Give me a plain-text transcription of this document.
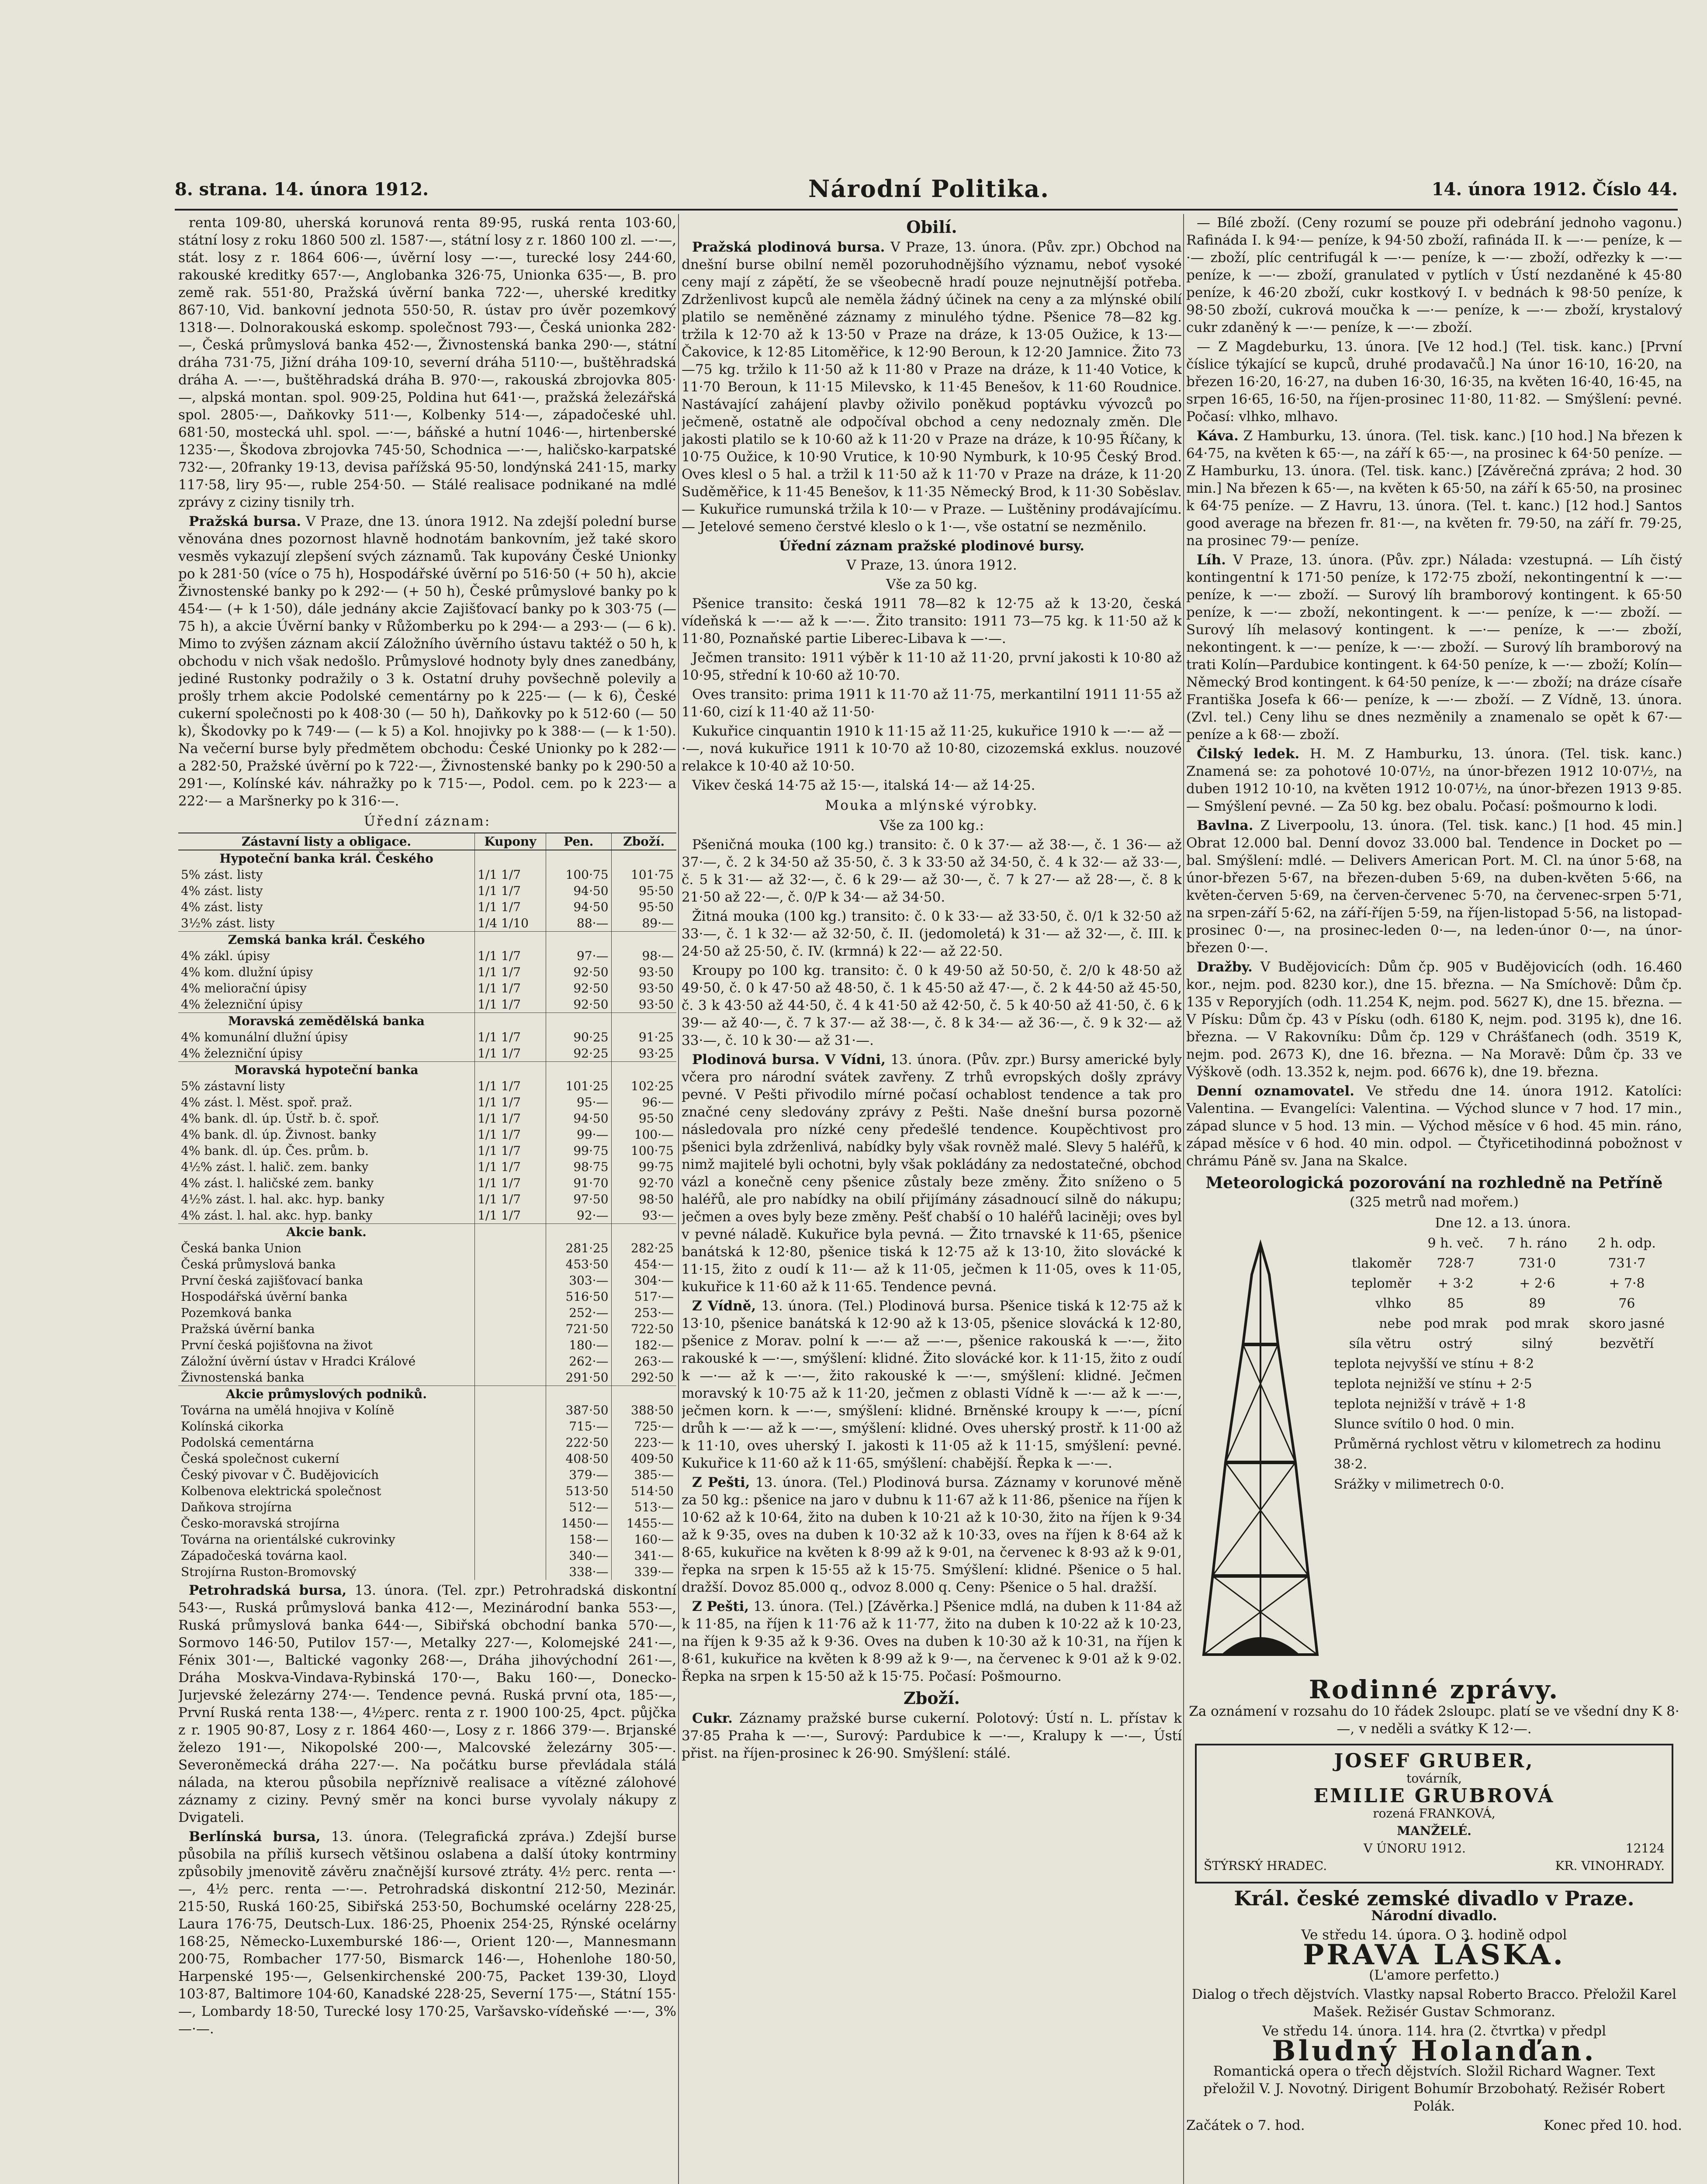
8. strana. 14. února 1912.	Národní Politika.	14. února 1912. Číslo 44.

renta 109·80, uherská korunová renta 89·95, ruská renta 103·60, státní losy z roku 1860 500 zl. 1587·—, státní losy z r. 1860 100 zl. —·—, stát. losy z r. 1864 606·—, úvěrní losy —·—, turecké losy 244·60, rakouské kreditky 657·—, Anglobanka 326·75, Unionka 635·—, B. pro země rak. 551·80, Pražská úvěrní banka 722·—, uherské kreditky 867·10, Vid. bankovní jednota 550·50, R. ústav pro úvěr pozemkový 1318·—. Dolnorakouská eskomp. společnost 793·—, Česká unionka 282·—, Česká průmyslová banka 452·—, Živnostenská banka 290·—, státní dráha 731·75, Jižní dráha 109·10, severní dráha 5110·—, buštěhradská dráha A. —·—, buštěhradská dráha B. 970·—, rakouská zbrojovka 805·—, alpská montan. spol. 909·25, Poldina hut 641·—, pražská železářská spol. 2805·—, Daňkovky 511·—, Kolbenky 514·—, západočeské uhl. 681·50, mostecká uhl. spol. —·—, báňské a hutní 1046·—, hirtenberské 1235·—, Škodova zbrojovka 745·50, Schodnica —·—, haličsko-karpatské 732·—, 20franky 19·13, devisa pařížská 95·50, londýnská 241·15, marky 117·58, liry 95·—, ruble 254·50. — Stálé realisace podnikané na mdlé zprávy z ciziny tisnily trh.

Pražská bursa. V Praze, dne 13. února 1912. Na zdejší polední burse věnována dnes pozornost hlavně hodnotám bankovním, jež také skoro vesměs vykazují zlepšení svých záznamů. Tak kupovány České Unionky po k 281·50 (více o 75 h), Hospodářské úvěrní po 516·50 (+ 50 h), akcie Živnostenské banky po k 292·— (+ 50 h), České průmyslové banky po k 454·— (+ k 1·50), dále jednány akcie Zajišťovací banky po k 303·75 (— 75 h), a akcie Úvěrní banky v Růžomberku po k 294·— a 293·— (— 6 k). Mimo to zvýšen záznam akcií Záložního úvěrního ústavu taktéž o 50 h, k obchodu v nich však nedošlo. Průmyslové hodnoty byly dnes zanedbány, jediné Rustonky podražily o 3 k. Ostatní druhy povšechně polevily a prošly trhem akcie Podolské cementárny po k 225·— (— k 6), České cukerní společnosti po k 408·30 (— 50 h), Daňkovky po k 512·60 (— 50 k), Škodovky po k 749·— (— k 5) a Kol. hnojivky po k 388·— (— k 1·50). Na večerní burse byly předmětem obchodu: České Unionky po k 282·— a 282·50, Pražské úvěrní po k 722·—, Živnostenské banky po k 290·50 a 291·—, Kolínské káv. náhražky po k 715·—, Podol. cem. po k 223·— a 222·— a Maršnerky po k 316·—.

Úřední záznam:

Zástavní listy a obligace.	Kupony	Pen.	Zboží.
Hypoteční banka král. Českého			
5% zást. listy	1/1 1/7	100·75	101·75
4% zást. listy	1/1 1/7	94·50	95·50
4% zást. listy	1/1 1/7	94·50	95·50
3½% zást. listy	1/4 1/10	88·—	89·—
Zemská banka král. Českého			
4% zákl. úpisy	1/1 1/7	97·—	98·—
4% kom. dlužní úpisy	1/1 1/7	92·50	93·50
4% meliorační úpisy	1/1 1/7	92·50	93·50
4% železniční úpisy	1/1 1/7	92·50	93·50
Moravská zemědělská banka			
4% komunální dlužní úpisy	1/1 1/7	90·25	91·25
4% železniční úpisy	1/1 1/7	92·25	93·25
Moravská hypoteční banka			
5% zástavní listy	1/1 1/7	101·25	102·25
4% zást. l. Měst. spoř. praž.	1/1 1/7	95·—	96·—
4% bank. dl. úp. Ústř. b. č. spoř.	1/1 1/7	94·50	95·50
4% bank. dl. úp. Živnost. banky	1/1 1/7	99·—	100·—
4% bank. dl. úp. Čes. prům. b.	1/1 1/7	99·75	100·75
4½% zást. l. halič. zem. banky	1/1 1/7	98·75	99·75
4% zást. l. haličské zem. banky	1/1 1/7	91·70	92·70
4½% zást. l. hal. akc. hyp. banky	1/1 1/7	97·50	98·50
4% zást. l. hal. akc. hyp. banky	1/1 1/7	92·—	93·—
Akcie bank.			
Česká banka Union		281·25	282·25
Česká průmyslová banka		453·50	454·—
První česká zajišťovací banka		303·—	304·—
Hospodářská úvěrní banka		516·50	517·—
Pozemková banka		252·—	253·—
Pražská úvěrní banka		721·50	722·50
První česká pojišťovna na život		180·—	182·—
Záložní úvěrní ústav v Hradci Králové		262·—	263·—
Živnostenská banka		291·50	292·50
Akcie průmyslových podniků.			
Továrna na umělá hnojiva v Kolíně		387·50	388·50
Kolínská cikorka		715·—	725·—
Podolská cementárna		222·50	223·—
Česká společnost cukerní		408·50	409·50
Český pivovar v Č. Budějovicích		379·—	385·—
Kolbenova elektrická společnost		513·50	514·50
Daňkova strojírna		512·—	513·—
Česko-moravská strojírna		1450·—	1455·—
Továrna na orientálské cukrovinky		158·—	160·—
Západočeská továrna kaol.		340·—	341·—
Strojírna Ruston-Bromovský		338·—	339·—

Petrohradská bursa, 13. února. (Tel. zpr.) Petrohradská diskontní 543·—, Ruská průmyslová banka 412·—, Mezinárodní banka 553·—, Ruská průmyslová banka 644·—, Sibiřská obchodní banka 570·—, Sormovo 146·50, Putilov 157·—, Metalky 227·—, Kolomejské 241·—, Fénix 301·—, Baltické vagonky 268·—, Dráha jihovýchodní 261·—, Dráha Moskva-Vindava-Rybinská 170·—, Baku 160·—, Donecko-Jurjevské železárny 274·—. Tendence pevná. Ruská první ota, 185·—, První Ruská renta 138·—, 4½perc. renta z r. 1900 100·25, 4pct. půjčka z r. 1905 90·87, Losy z r. 1864 460·—, Losy z r. 1866 379·—. Brjanské železo 191·—, Nikopolské 200·—, Malcovské železárny 305·—. Severoněmecká dráha 227·—. Na počátku burse převládala stálá nálada, na kterou působila nepříznivě realisace a vítězné zálohové záznamy z ciziny. Pevný směr na konci burse vyvolaly nákupy z Dvigateli.

Berlínská bursa, 13. února. (Telegrafická zpráva.) Zdejší burse působila na příliš kursech většinou oslabena a další útoky kontrminy způsobily jmenovitě závěru značnější kursové ztráty. 4½ perc. renta —·—, 4½ perc. renta —·—. Petrohradská diskontní 212·50, Mezinár. 215·50, Ruská 160·25, Sibiřská 253·50, Bochumské ocelárny 228·25, Laura 176·75, Deutsch-Lux. 186·25, Phoenix 254·25, Rýnské ocelárny 168·25, Německo-Luxemburské 186·—, Orient 120·—, Mannesmann 200·75, Rombacher 177·50, Bismarck 146·—, Hohenlohe 180·50, Harpenské 195·—, Gelsenkirchenské 200·75, Packet 139·30, Lloyd 103·87, Baltimore 104·60, Kanadské 228·25, Severní 175·—, Státní 155·—, Lombardy 18·50, Turecké losy 170·25, Varšavsko-vídeňské —·—, 3% —·—.

Obilí.

Pražská plodinová bursa. V Praze, 13. února. (Pův. zpr.) Obchod na dnešní burse obilní neměl pozoruhodnějšího významu, neboť vysoké ceny mají z zápětí, že se všeobecně hradí pouze nejnutnější potřeba. Zdrženlivost kupců ale neměla žádný účinek na ceny a za mlýnské obilí platilo se neměněné záznamy z minulého týdne. Pšenice 78—82 kg. tržila k 12·70 až k 13·50 v Praze na dráze, k 13·05 Oužice, k 13·— Čakovice, k 12·85 Litoměřice, k 12·90 Beroun, k 12·20 Jamnice. Žito 73—75 kg. tržilo k 11·50 až k 11·80 v Praze na dráze, k 11·40 Votice, k 11·70 Beroun, k 11·15 Milevsko, k 11·45 Benešov, k 11·60 Roudnice. Nastávající zahájení plavby oživilo poněkud poptávku vývozců po ječmeně, ostatně ale odpočíval obchod a ceny nedoznaly změn. Dle jakosti platilo se k 10·60 až k 11·20 v Praze na dráze, k 10·95 Říčany, k 10·75 Oužice, k 10·90 Vrutice, k 10·90 Nymburk, k 10·95 Český Brod. Oves klesl o 5 hal. a tržil k 11·50 až k 11·70 v Praze na dráze, k 11·20 Suděměřice, k 11·45 Benešov, k 11·35 Německý Brod, k 11·30 Soběslav. — Kukuřice rumunská tržila k 10·— v Praze. — Luštěniny prodávajícímu. — Jetelové semeno čerstvé kleslo o k 1·—, vše ostatní se nezměnilo.

Úřední záznam pražské plodinové bursy.

V Praze, 13. února 1912.

Vše za 50 kg.

Pšenice transito: česká 1911 78—82 k 12·75 až k 13·20, česká vídeňská k —·— až k —·—. Žito transito: 1911 73—75 kg. k 11·50 až k 11·80, Poznaňské partie Liberec-Libava k —·—.

Ječmen transito: 1911 výběr k 11·10 až 11·20, první jakosti k 10·80 až 10·95, střední k 10·60 až 10·70.

Oves transito: prima 1911 k 11·70 až 11·75, merkantilní 1911 11·55 až 11·60, cizí k 11·40 až 11·50·

Kukuřice cinquantin 1910 k 11·15 až 11·25, kukuřice 1910 k —·— až —·—, nová kukuřice 1911 k 10·70 až 10·80, cizozemská exklus. nouzové relakce k 10·40 až 10·50.

Vikev česká 14·75 až 15·—, italská 14·— až 14·25.

Mouka a mlýnské výrobky.

Vše za 100 kg.:

Pšeničná mouka (100 kg.) transito: č. 0 k 37·— až 38·—, č. 1 36·— až 37·—, č. 2 k 34·50 až 35·50, č. 3 k 33·50 až 34·50, č. 4 k 32·— až 33·—, č. 5 k 31·— až 32·—, č. 6 k 29·— až 30·—, č. 7 k 27·— až 28·—, č. 8 k 21·50 až 22·—, č. 0/P k 34·— až 34·50.

Žitná mouka (100 kg.) transito: č. 0 k 33·— až 33·50, č. 0/1 k 32·50 až 33·—, č. 1 k 32·— až 32·50, č. II. (jedomoletá) k 31·— až 32·—, č. III. k 24·50 až 25·50, č. IV. (krmná) k 22·— až 22·50.

Kroupy po 100 kg. transito: č. 0 k 49·50 až 50·50, č. 2/0 k 48·50 až 49·50, č. 0 k 47·50 až 48·50, č. 1 k 45·50 až 47·—, č. 2 k 44·50 až 45·50, č. 3 k 43·50 až 44·50, č. 4 k 41·50 až 42·50, č. 5 k 40·50 až 41·50, č. 6 k 39·— až 40·—, č. 7 k 37·— až 38·—, č. 8 k 34·— až 36·—, č. 9 k 32·— až 33·—, č. 10 k 30·— až 31·—.

Plodinová bursa. V Vídni, 13. února. (Pův. zpr.) Bursy americké byly včera pro národní svátek zavřeny. Z trhů evropských došly zprávy pevné. V Pešti přivodilo mírné počasí ochablost tendence a tak pro značné ceny sledovány zprávy z Pešti. Naše dnešní bursa pozorně následovala pro nízké ceny předešlé tendence. Koupěchtivost pro pšenici byla zdrženlivá, nabídky byly však rovněž malé. Slevy 5 haléřů, k nimž majitelé byli ochotni, byly však pokládány za nedostatečné, obchod vázl a konečně ceny pšenice zůstaly beze změny. Žito sníženo o 5 haléřů, ale pro nabídky na obilí přijímány zásadnoucí silně do nákupu; ječmen a oves byly beze změny. Pešť chabší o 10 haléřů laciněji; oves byl v pevné náladě. Kukuřice byla pevná. — Žito trnavské k 11·65, pšenice banátská k 12·80, pšenice tiská k 12·75 až k 13·10, žito slovácké k 11·15, žito z oudí k 11·— až k 11·05, ječmen k 11·05, oves k 11·05, kukuřice k 11·60 až k 11·65. Tendence pevná.

Z Vídně, 13. února. (Tel.) Plodinová bursa. Pšenice tiská k 12·75 až k 13·10, pšenice banátská k 12·90 až k 13·05, pšenice slovácká k 12·80, pšenice z Morav. polní k —·— až —·—, pšenice rakouská k —·—, žito rakouské k —·—, smýšlení: klidné. Žito slovácké kor. k 11·15, žito z oudí k —·— až k —·—, žito rakouské k —·—, smýšlení: klidné. Ječmen moravský k 10·75 až k 11·20, ječmen z oblasti Vídně k —·— až k —·—, ječmen korn. k —·—, smýšlení: klidné. Brněnské kroupy k —·—, pícní drůh k —·— až k —·—, smýšlení: klidné. Oves uherský prostř. k 11·00 až k 11·10, oves uherský I. jakosti k 11·05 až k 11·15, smýšlení: pevné. Kukuřice k 11·60 až k 11·65, smýšlení: chabější. Řepka k —·—.

Z Pešti, 13. února. (Tel.) Plodinová bursa. Záznamy v korunové měně za 50 kg.: pšenice na jaro v dubnu k 11·67 až k 11·86, pšenice na říjen k 10·62 až k 10·64, žito na duben k 10·21 až k 10·30, žito na říjen k 9·34 až k 9·35, oves na duben k 10·32 až k 10·33, oves na říjen k 8·64 až k 8·65, kukuřice na květen k 8·99 až k 9·01, na červenec k 8·93 až k 9·01, řepka na srpen k 15·55 až k 15·75. Smýšlení: klidné. Pšenice o 5 hal. dražší. Dovoz 85.000 q., odvoz 8.000 q. Ceny: Pšenice o 5 hal. dražší.

Z Pešti, 13. února. (Tel.) [Závěrka.] Pšenice mdlá, na duben k 11·84 až k 11·85, na říjen k 11·76 až k 11·77, žito na duben k 10·22 až k 10·23, na říjen k 9·35 až k 9·36. Oves na duben k 10·30 až k 10·31, na říjen k 8·61, kukuřice na květen k 8·99 až k 9·—, na červenec k 9·01 až k 9·02. Řepka na srpen k 15·50 až k 15·75. Počasí: Pošmourno.

Zboží.

Cukr. Záznamy pražské burse cukerní. Polotový: Ústí n. L. přístav k 37·85 Praha k —·—, Surový: Pardubice k —·—, Kralupy k —·—, Ústí přist. na říjen-prosinec k 26·90. Smýšlení: stálé.

— Bílé zboží. (Ceny rozumí se pouze při odebrání jednoho vagonu.) Rafináda I. k 94·— peníze, k 94·50 zboží, rafináda II. k —·— peníze, k —·— zboží, plíc centrifugál k —·— peníze, k —·— zboží, odřezky k —·— peníze, k —·— zboží, granulated v pytlích v Ústí nezdaněné k 45·80 peníze, k 46·20 zboží, cukr kostkový I. v bednách k 98·50 peníze, k 98·50 zboží, cukrová moučka k —·— peníze, k —·— zboží, krystalový cukr zdaněný k —·— peníze, k —·— zboží.

— Z Magdeburku, 13. února. [Ve 12 hod.] (Tel. tisk. kanc.) [První číslice týkající se kupců, druhé prodavačů.] Na únor 16·10, 16·20, na březen 16·20, 16·27, na duben 16·30, 16·35, na květen 16·40, 16·45, na srpen 16·65, 16·50, na říjen-prosinec 11·80, 11·82. — Smýšlení: pevné. Počasí: vlhko, mlhavo.

Káva. Z Hamburku, 13. února. (Tel. tisk. kanc.) [10 hod.] Na březen k 64·75, na květen k 65·—, na září k 65·—, na prosinec k 64·50 peníze. — Z Hamburku, 13. února. (Tel. tisk. kanc.) [Závěrečná zpráva; 2 hod. 30 min.] Na březen k 65·—, na květen k 65·50, na září k 65·50, na prosinec k 64·75 peníze. — Z Havru, 13. února. (Tel. t. kanc.) [12 hod.] Santos good average na březen fr. 81·—, na květen fr. 79·50, na září fr. 79·25, na prosinec 79·— peníze.

Líh. V Praze, 13. února. (Pův. zpr.) Nálada: vzestupná. — Líh čistý kontingentní k 171·50 peníze, k 172·75 zboží, nekontingentní k —·— peníze, k —·— zboží. — Surový líh bramborový kontingent. k 65·50 peníze, k —·— zboží, nekontingent. k —·— peníze, k —·— zboží. — Surový líh melasový kontingent. k —·— peníze, k —·— zboží, nekontingent. k —·— peníze, k —·— zboží. — Surový líh bramborový na trati Kolín—Pardubice kontingent. k 64·50 peníze, k —·— zboží; Kolín—Německý Brod kontingent. k 64·50 peníze, k —·— zboží; na dráze císaře Františka Josefa k 66·— peníze, k —·— zboží. — Z Vídně, 13. února. (Zvl. tel.) Ceny lihu se dnes nezměnily a znamenalo se opět k 67·— peníze a k 68·— zboží.

Čilský ledek. H. M. Z Hamburku, 13. února. (Tel. tisk. kanc.) Znamená se: za pohotové 10·07½, na únor-březen 1912 10·07½, na duben 1912 10·10, na květen 1912 10·07½, na únor-březen 1913 9·85. — Smýšlení pevné. — Za 50 kg. bez obalu. Počasí: pošmourno k lodi.

Bavlna. Z Liverpoolu, 13. února. (Tel. tisk. kanc.) [1 hod. 45 min.] Obrat 12.000 bal. Denní dovoz 33.000 bal. Tendence in Docket po — bal. Smýšlení: mdlé. — Delivers American Port. M. Cl. na únor 5·68, na únor-březen 5·67, na březen-duben 5·69, na duben-květen 5·66, na květen-červen 5·69, na červen-červenec 5·70, na červenec-srpen 5·71, na srpen-září 5·62, na září-říjen 5·59, na říjen-listopad 5·56, na listopad-prosinec 0·—, na prosinec-leden 0·—, na leden-únor 0·—, na únor-březen 0·—.

Dražby. V Budějovicích: Dům čp. 905 v Budějovicích (odh. 16.460 kor., nejm. pod. 8230 kor.), dne 15. března. — Na Smíchově: Dům čp. 135 v Reporyjích (odh. 11.254 K, nejm. pod. 5627 K), dne 15. března. — V Písku: Dům čp. 43 v Písku (odh. 6180 K, nejm. pod. 3195 k), dne 16. března. — V Rakovníku: Dům čp. 129 v Chrášťanech (odh. 3519 K, nejm. pod. 2673 K), dne 16. března. — Na Moravě: Dům čp. 33 ve Výškově (odh. 13.352 k, nejm. pod. 6676 k), dne 19. března.

Denní oznamovatel. Ve středu dne 14. února 1912. Katolíci: Valentina. — Evangelíci: Valentina. — Východ slunce v 7 hod. 17 min., západ slunce v 5 hod. 13 min. — Východ měsíce v 6 hod. 45 min. ráno, západ měsíce v 6 hod. 40 min. odpol. — Čtyřicetihodinná pobožnost v chrámu Páně sv. Jana na Skalce.

Meteorologická pozorování na rozhledně na Petříně

(325 metrů nad mořem.)

Dne 12. a 13. února.			
	9 h. več.	7 h. ráno	2 h. odp.
tlakoměr	728·7	731·0	731·7
teploměr	+ 3·2	+ 2·6	+ 7·8
vlhko	85	89	76
nebe	pod mrak	pod mrak	skoro jasné
síla větru	ostrý	silný	bezvětří
teplota nejvyšší ve stínu + 8·2			
teplota nejnižší ve stínu + 2·5			
teplota nejnižší v trávě + 1·8			
Slunce svítilo 0 hod. 0 min.			
Průměrná rychlost větru v kilometrech za hodinu 38·2.			
Srážky v milimetrech 0·0.			

Rodinné zprávy.

Za oznámení v rozsahu do 10 řádek 2sloupc. platí se ve všední dny K 8·—, v neděli a svátky K 12·—.

JOSEF GRUBER,
továrník,
EMILIE GRUBROVÁ
rozená FRANKOVÁ,
MANŽELÉ.
V ÚNORU 1912.	12124
ŠTÝRSKÝ HRADEC.	KR. VINOHRADY.

Král. české zemské divadlo v Praze.

Národní divadlo.

Ve středu 14. února. O 3. hodině odpol

PRAVÁ LÁSKA.

(L'amore perfetto.)

Dialog o třech dějstvích. Vlastky napsal Roberto Bracco. Přeložil Karel Mašek. Režisér Gustav Schmoranz.

Ve středu 14. února. 114. hra (2. čtvrtka) v předpl

Bludný Holanďan.

Romantická opera o třech dějstvích. Složil Richard Wagner. Text přeložil V. J. Novotný. Dirigent Bohumír Brzobohatý. Režisér Robert Polák.

Začátek o 7. hod.	Konec před 10. hod.
